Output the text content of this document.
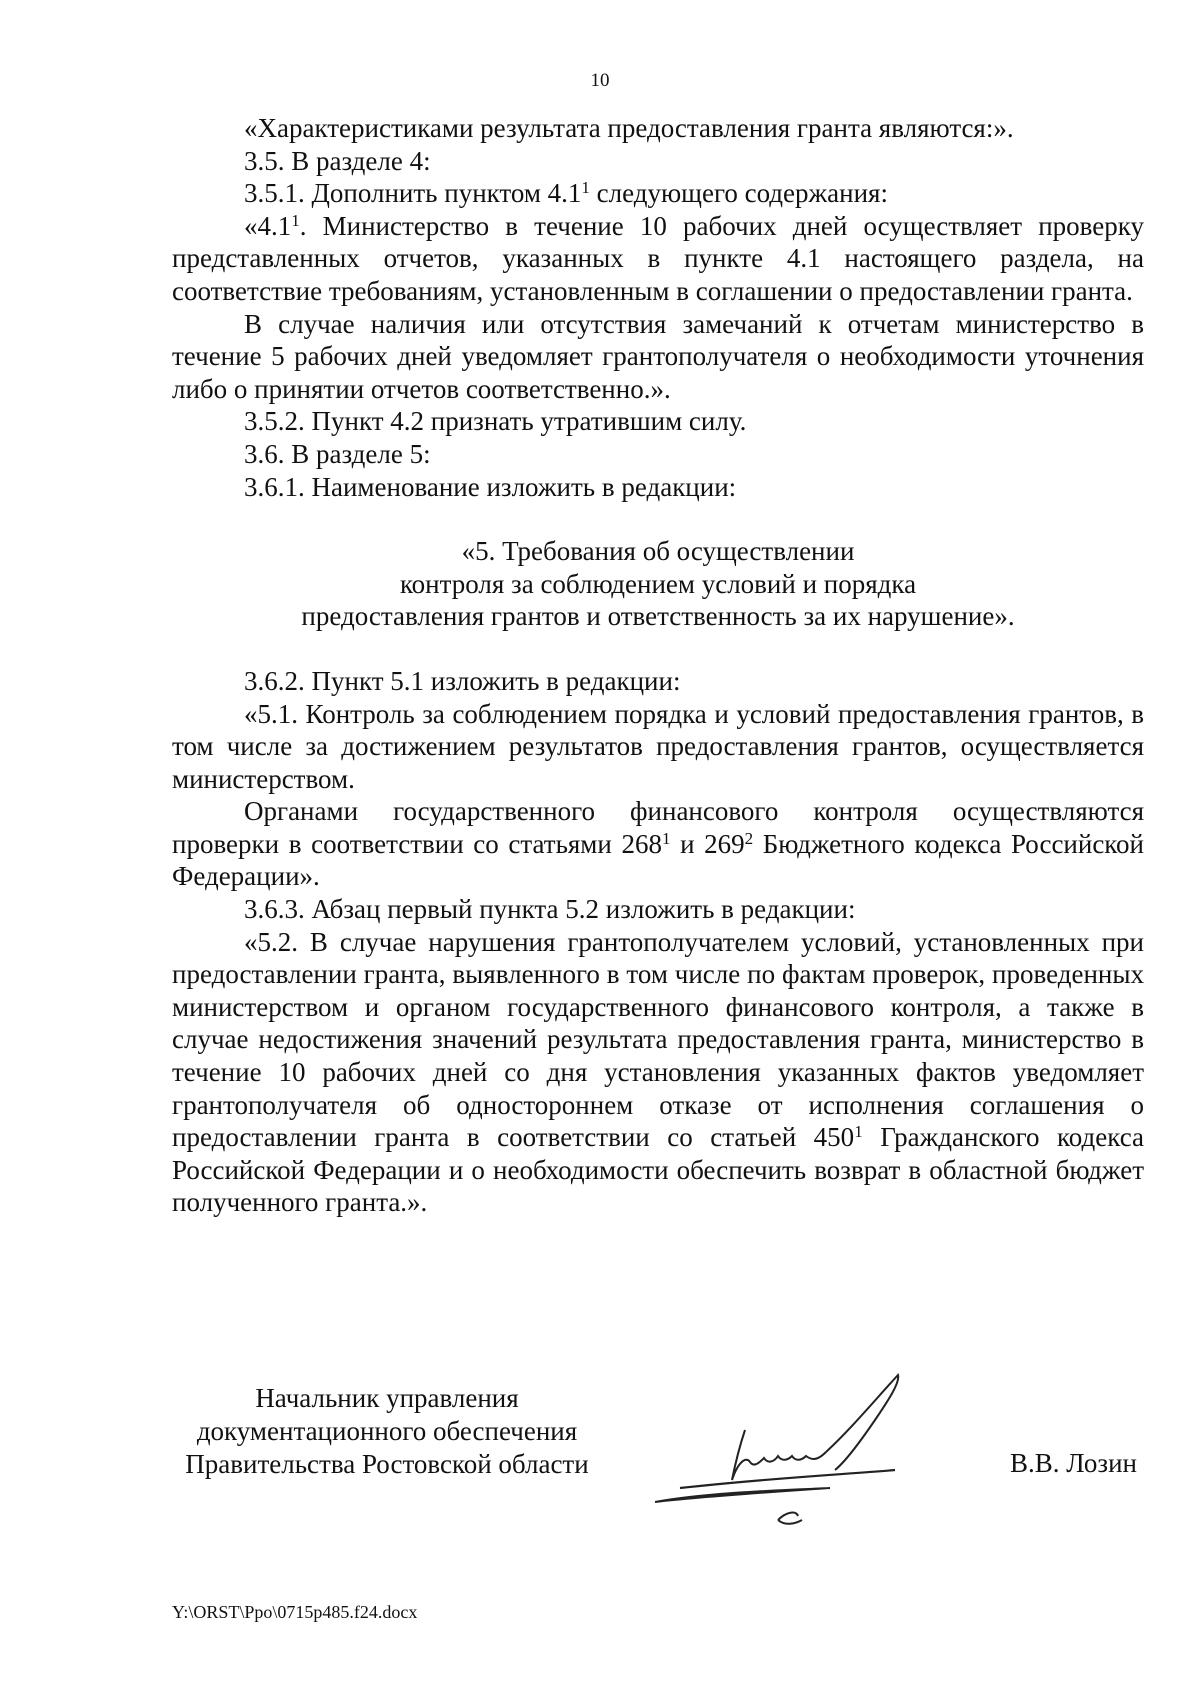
10

«Характеристиками результата предоставления гранта являются:».

3.5. В разделе 4:

3.5.1. Дополнить пунктом $4.1^1$ следующего содержания:

«$4.1^1$. Министерство в течение 10 рабочих дней осуществляет проверку представленных отчетов, указанных в пункте 4.1 настоящего раздела, на соответствие требованиям, установленным в соглашении о предоставлении гранта.

В случае наличия или отсутствия замечаний к отчетам министерство в течение 5 рабочих дней уведомляет грантополучателя о необходимости уточнения либо о принятии отчетов соответственно.».

3.5.2. Пункт 4.2 признать утратившим силу.

3.6. В разделе 5:

3.6.1. Наименование изложить в редакции:

«5. Требования об осуществлении
контроля за соблюдением условий и порядка
предоставления грантов и ответственность за их нарушение».

3.6.2. Пункт 5.1 изложить в редакции:

«5.1. Контроль за соблюдением порядка и условий предоставления грантов, в том числе за достижением результатов предоставления грантов, осуществляется министерством.

Органами государственного финансового контроля осуществляются проверки в соответствии со статьями $268^1$ и $269^2$ Бюджетного кодекса Российской Федерации».

3.6.3. Абзац первый пункта 5.2 изложить в редакции:

«5.2. В случае нарушения грантополучателем условий, установленных при предоставлении гранта, выявленного в том числе по фактам проверок, проведенных министерством и органом государственного финансового контроля, а также в случае недостижения значений результата предоставления гранта, министерство в течение 10 рабочих дней со дня установления указанных фактов уведомляет грантополучателя об одностороннем отказе от исполнения соглашения о предоставлении гранта в соответствии со статьей $450^1$ Гражданского кодекса Российской Федерации и о необходимости обеспечить возврат в областной бюджет полученного гранта.».

Начальник управления
документационного обеспечения
Правительства Ростовской области	В.В. Лозин
Y:\ORST\Ppo\0715p485.f24.docx
